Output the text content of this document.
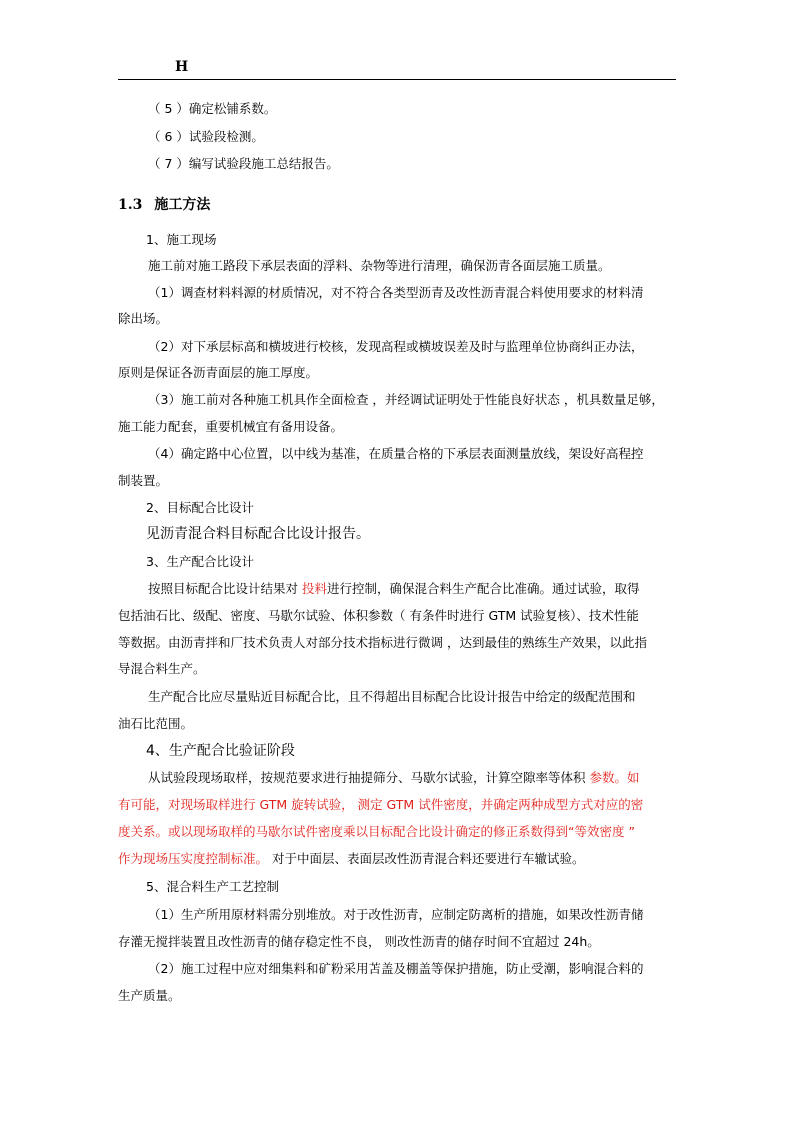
H
（ 5 ）确定松铺系数。
（ 6 ）试验段检测。
（ 7 ）编写试验段施工总结报告。
1.3 施工方法
1、施工现场
施工前对施工路段下承层表面的浮料、杂物等进行清理，确保沥青各面层施工质量。
（1）调查材料料源的材质情况，对不符合各类型沥青及改性沥青混合料使用要求的材料清
除出场。
（2）对下承层标高和横坡进行校核，发现高程或横坡误差及时与监理单位协商纠正办法，
原则是保证各沥青面层的施工厚度。
（3）施工前对各种施工机具作全面检查 ，并经调试证明处于性能良好状态 ，机具数量足够，
施工能力配套，重要机械宜有备用设备。
（4）确定路中心位置，以中线为基准，在质量合格的下承层表面测量放线，架设好高程控
制装置。
2、目标配合比设计
见沥青混合料目标配合比设计报告。
3、生产配合比设计
按照目标配合比设计结果对 投料进行控制，确保混合料生产配合比准确。通过试验，取得
包括油石比、级配、密度、马歇尔试验、体积参数（ 有条件时进行 GTM 试验复核）、技术性能
等数据。由沥青拌和厂技术负责人对部分技术指标进行微调 ，达到最佳的熟练生产效果，以此指
导混合料生产。
生产配合比应尽量贴近目标配合比，且不得超出目标配合比设计报告中给定的级配范围和
油石比范围。
4、生产配合比验证阶段
从试验段现场取样，按规范要求进行抽提筛分、马歇尔试验，计算空隙率等体积 参数。如
有可能，对现场取样进行 GTM 旋转试验， 测定 GTM 试件密度，并确定两种成型方式对应的密
度关系。或以现场取样的马歇尔试件密度乘以目标配合比设计确定的修正系数得到“等效密度 ”
作为现场压实度控制标准。 对于中面层、表面层改性沥青混合料还要进行车辙试验。
5、混合料生产工艺控制
（1）生产所用原材料需分别堆放。对于改性沥青，应制定防离析的措施，如果改性沥青储
存灌无搅拌装置且改性沥青的储存稳定性不良， 则改性沥青的储存时间不宜超过 24h。
（2）施工过程中应对细集料和矿粉采用苫盖及棚盖等保护措施，防止受潮，影响混合料的
生产质量。
